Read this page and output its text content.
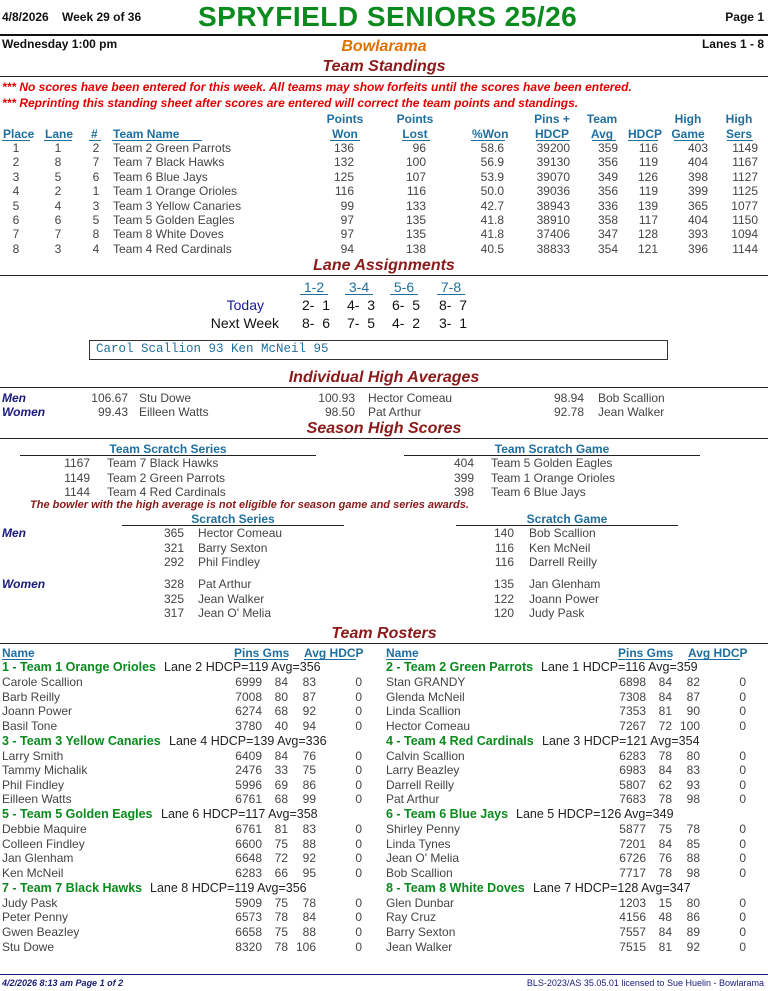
4/8/2026 Week 29 of 36 SPRYFIELD SENIORS 25/26	Page 1
Wednesday 1:00 pm	Bowlarama	Lanes 1 - 8
Team Standings
*** No scores have been entered for this week. All teams may show forfeits until the scores have been entered.
*** Reprinting this standing sheet after scores are entered will correct the team points and standings.
Place Lane # Team Name
Points
Won
Points
Lost	%Won
Pins +
HDCP
Team
Avg	HDCP
High
Game
High
Sers
1	1	2	Team 2 Green Parrots	136	96	58.6	39200	359	116	403	1149
2	8	7	Team 7 Black Hawks	132	100	56.9	39130	356	119	404	1167
3	5	6	Team 6 Blue Jays	125	107	53.9	39070	349	126	398	1127
4	2	1	Team 1 Orange Orioles	116	116	50.0	39036	356	119	399	1125
5	4	3	Team 3 Yellow Canaries	99	133	42.7	38943	336	139	365	1077
6	6	5	Team 5 Golden Eagles	97	135	41.8	38910	358	117	404	1150
7	7	8	Team 8 White Doves	97	135	41.8	37406	347	128	393	1094
8	3	4	Team 4 Red Cardinals	94	138	40.5	38833	354	121	396	1144
Lane Assignments
1-2 3-4 5-6 7-8
Today	2-  1 4-  3 6-  5 8-  7
Next Week 8-  6 7-  5 4-  2 3-  1
Carol Scallion 93 Ken McNeil 95
Individual High Averages
Men
Women
106.67 Stu Dowe	100.93 Hector Comeau	98.94 Bob Scallion
99.43 Eilleen Watts	98.50 Pat Arthur	92.78 Jean Walker
Season High Scores
Team Scratch Series	Team Scratch Game
1167 Team 7 Black Hawks	404 Team 5 Golden Eagles
1149 Team 2 Green Parrots	399 Team 1 Orange Orioles
1144 Team 4 Red Cardinals	398 Team 6 Blue Jays
The bowler with the high average is not eligible for season game and series awards.
Scratch Series	Scratch Game
Men
Women
365 Hector Comeau	140 Bob Scallion
321 Barry Sexton	116 Ken McNeil
292 Phil Findley	116 Darrell Reilly
328 Pat Arthur	135 Jan Glenham
325 Jean Walker	122 Joann Power
317 Jean O' Melia	120 Judy Pask
Team Rosters
Name	Pins Gms Avg HDCP Name	Pins Gms Avg HDCP
1 - Team 1 Orange Orioles Lane 2 HDCP=119 Avg=356
Carole Scallion	6999	84	83	0
Barb Reilly	7008	80	87	0
Joann Power	6274	68	92	0
Basil Tone	3780	40	94	0
2 - Team 2 Green Parrots Lane 1 HDCP=116 Avg=359
Stan GRANDY	6898	84	82	0
Glenda McNeil	7308	84	87	0
Linda Scallion	7353	81	90	0
Hector Comeau	7267	72 100	0
3 - Team 3 Yellow Canaries Lane 4 HDCP=139 Avg=336
Larry Smith	6409	84	76	0
Tammy Michalik	2476	33	75	0
Phil Findley	5996	69	86	0
Eilleen Watts	6761	68	99	0
4 - Team 4 Red Cardinals Lane 3 HDCP=121 Avg=354
Calvin Scallion	6283	78	80	0
Larry Beazley	6983	84	83	0
Darrell Reilly	5807	62	93	0
Pat Arthur	7683	78	98	0
5 - Team 5 Golden Eagles Lane 6 HDCP=117 Avg=358
Debbie Maquire	6761	81	83	0
Colleen Findley	6600	75	88	0
Jan Glenham	6648	72	92	0
Ken McNeil	6283	66	95	0
6 - Team 6 Blue Jays Lane 5 HDCP=126 Avg=349
Shirley Penny	5877	75	78	0
Linda Tynes	7201	84	85	0
Jean O' Melia	6726	76	88	0
Bob Scallion	7717	78	98	0
7 - Team 7 Black Hawks Lane 8 HDCP=119 Avg=356
Judy Pask	5909	75	78	0
Peter Penny	6573	78	84	0
Gwen Beazley	6658	75	88	0
Stu Dowe	8320	78 106	0
8 - Team 8 White Doves Lane 7 HDCP=128 Avg=347
Glen Dunbar	1203	15	80	0
Ray Cruz	4156	48	86	0
Barry Sexton	7557	84	89	0
Jean Walker	7515	81	92	0
4/2/2026 8:13 am Page 1 of 2	BLS-2023/AS 35.05.01 licensed to Sue Huelin - Bowlarama
